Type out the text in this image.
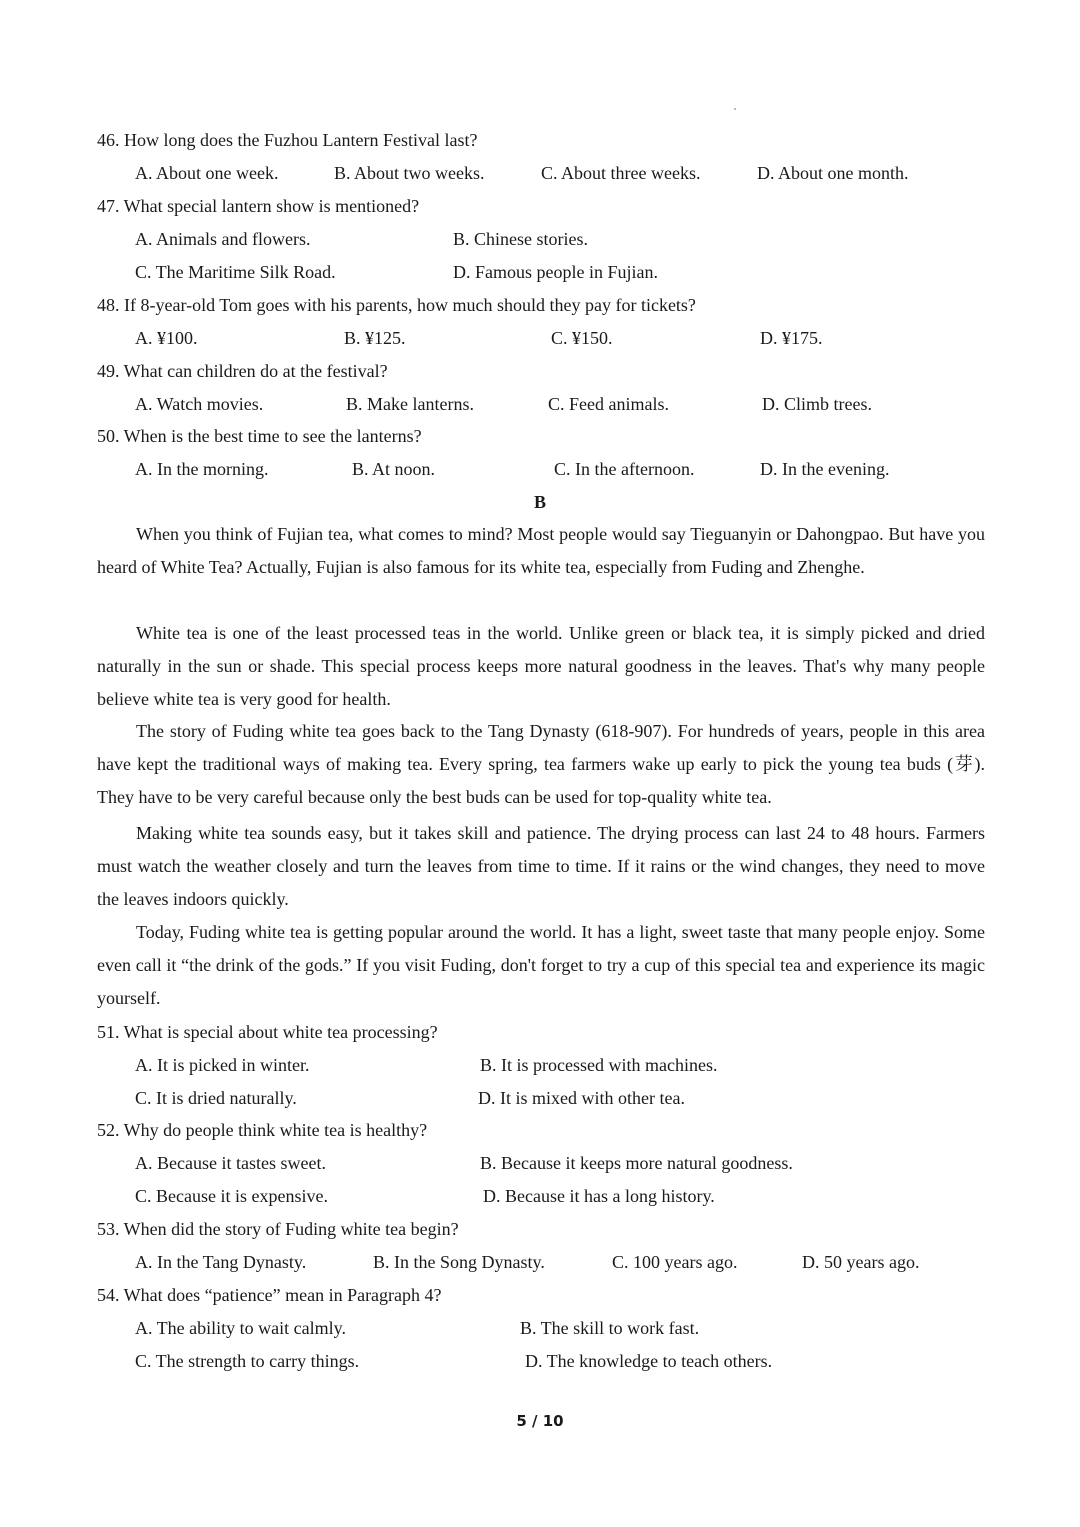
46. How long does the Fuzhou Lantern Festival last?
A. About one week.	B. About two weeks.	C. About three weeks.	D. About one month.
47. What special lantern show is mentioned?
A. Animals and flowers.	B. Chinese stories.
C. The Maritime Silk Road.	D. Famous people in Fujian.
48. If 8-year-old Tom goes with his parents, how much should they pay for tickets?
A. ¥100.	B. ¥125.	C. ¥150.	D. ¥175.
49. What can children do at the festival?
A. Watch movies.	B. Make lanterns.	C. Feed animals.	D. Climb trees.
50. When is the best time to see the lanterns?
A. In the morning.	B. At noon.	C. In the afternoon.	D. In the evening.
B
When you think of Fujian tea, what comes to mind? Most people would say Tieguanyin or Dahongpao. But have you heard of White Tea? Actually, Fujian is also famous for its white tea, especially from Fuding and Zhenghe.
White tea is one of the least processed teas in the world. Unlike green or black tea, it is simply picked and dried naturally in the sun or shade. This special process keeps more natural goodness in the leaves. That's why many people believe white tea is very good for health.
The story of Fuding white tea goes back to the Tang Dynasty (618-907). For hundreds of years, people in this area have kept the traditional ways of making tea. Every spring, tea farmers wake up early to pick the young tea buds (芽). They have to be very careful because only the best buds can be used for top-quality white tea.
Making white tea sounds easy, but it takes skill and patience. The drying process can last 24 to 48 hours. Farmers must watch the weather closely and turn the leaves from time to time. If it rains or the wind changes, they need to move the leaves indoors quickly.
Today, Fuding white tea is getting popular around the world. It has a light, sweet taste that many people enjoy. Some even call it “the drink of the gods.” If you visit Fuding, don't forget to try a cup of this special tea and experience its magic yourself.
51. What is special about white tea processing?
A. It is picked in winter.	B. It is processed with machines.
C. It is dried naturally.	D. It is mixed with other tea.
52. Why do people think white tea is healthy?
A. Because it tastes sweet.	B. Because it keeps more natural goodness.
C. Because it is expensive.	D. Because it has a long history.
53. When did the story of Fuding white tea begin?
A. In the Tang Dynasty.	B. In the Song Dynasty.	C. 100 years ago.	D. 50 years ago.
54. What does “patience” mean in Paragraph 4?
A. The ability to wait calmly.	B. The skill to work fast.
C. The strength to carry things.	D. The knowledge to teach others.
5 / 10
